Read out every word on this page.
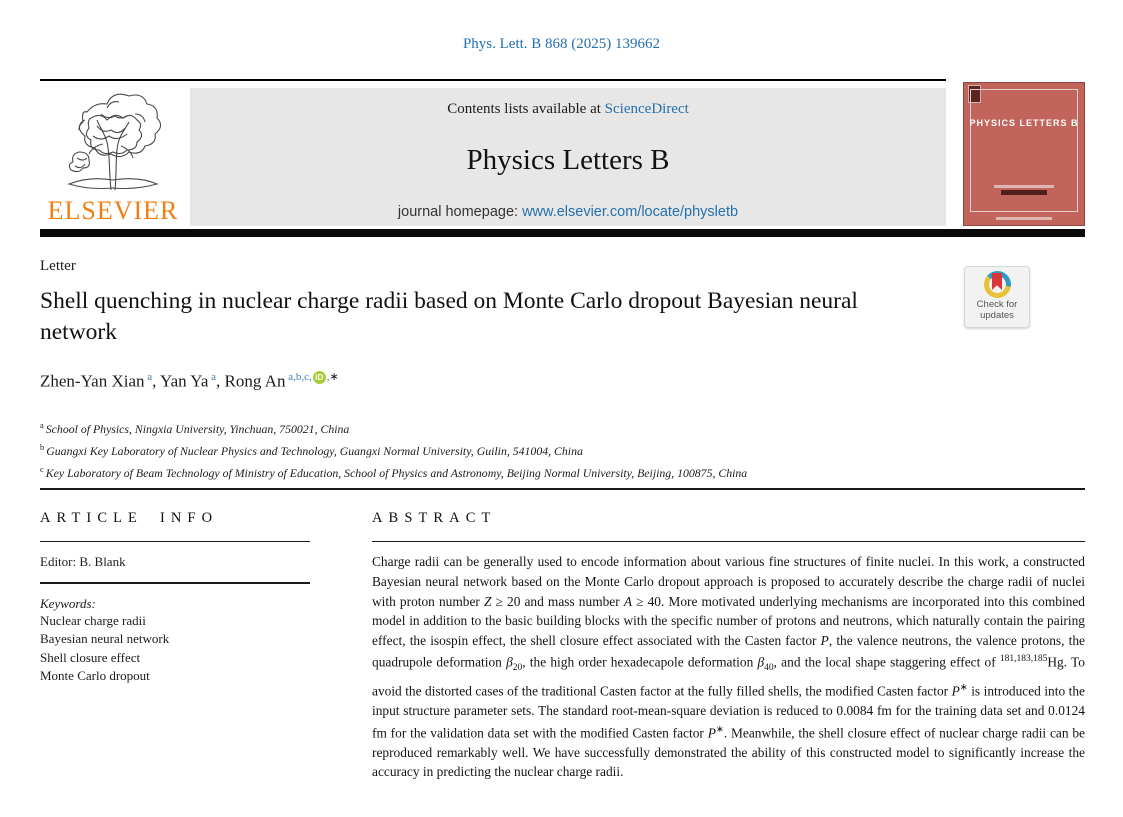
Phys. Lett. B 868 (2025) 139662
ELSEVIER
Contents lists available at ScienceDirect
Physics Letters B
journal homepage: www.elsevier.com/locate/physletb
PHYSICS LETTERS B
Letter
Shell quenching in nuclear charge radii based on Monte Carlo dropout Bayesian neural network
Check for
updates
Zhen-Yan Xian $^a$, Yan Ya $^a$, Rong An $^{a,b,c,}$ iD ,∗
$^a$ School of Physics, Ningxia University, Yinchuan, 750021, China
$^b$ Guangxi Key Laboratory of Nuclear Physics and Technology, Guangxi Normal University, Guilin, 541004, China
$^c$ Key Laboratory of Beam Technology of Ministry of Education, School of Physics and Astronomy, Beijing Normal University, Beijing, 100875, China
ARTICLE INFO
Editor: B. Blank
Keywords:
Nuclear charge radii
Bayesian neural network
Shell closure effect
Monte Carlo dropout
ABSTRACT
Charge radii can be generally used to encode information about various fine structures of finite nuclei. In this work, a constructed Bayesian neural network based on the Monte Carlo dropout approach is proposed to accurately describe the charge radii of nuclei with proton number Z ≥ 20 and mass number A ≥ 40. More motivated underlying mechanisms are incorporated into this combined model in addition to the basic building blocks with the specific number of protons and neutrons, which naturally contain the pairing effect, the isospin effect, the shell closure effect associated with the Casten factor P, the valence neutrons, the valence protons, the quadrupole deformation $\beta_{20}$, the high order hexadecapole deformation $\beta_{40}$, and the local shape staggering effect of $^{181,183,185}$Hg. To avoid the distorted cases of the traditional Casten factor at the fully filled shells, the modified Casten factor P∗ is introduced into the input structure parameter sets. The standard root-mean-square deviation is reduced to 0.0084 fm for the training data set and 0.0124 fm for the validation data set with the modified Casten factor P∗. Meanwhile, the shell closure effect of nuclear charge radii can be reproduced remarkably well. We have successfully demonstrated the ability of this constructed model to significantly increase the accuracy in predicting the nuclear charge radii.
